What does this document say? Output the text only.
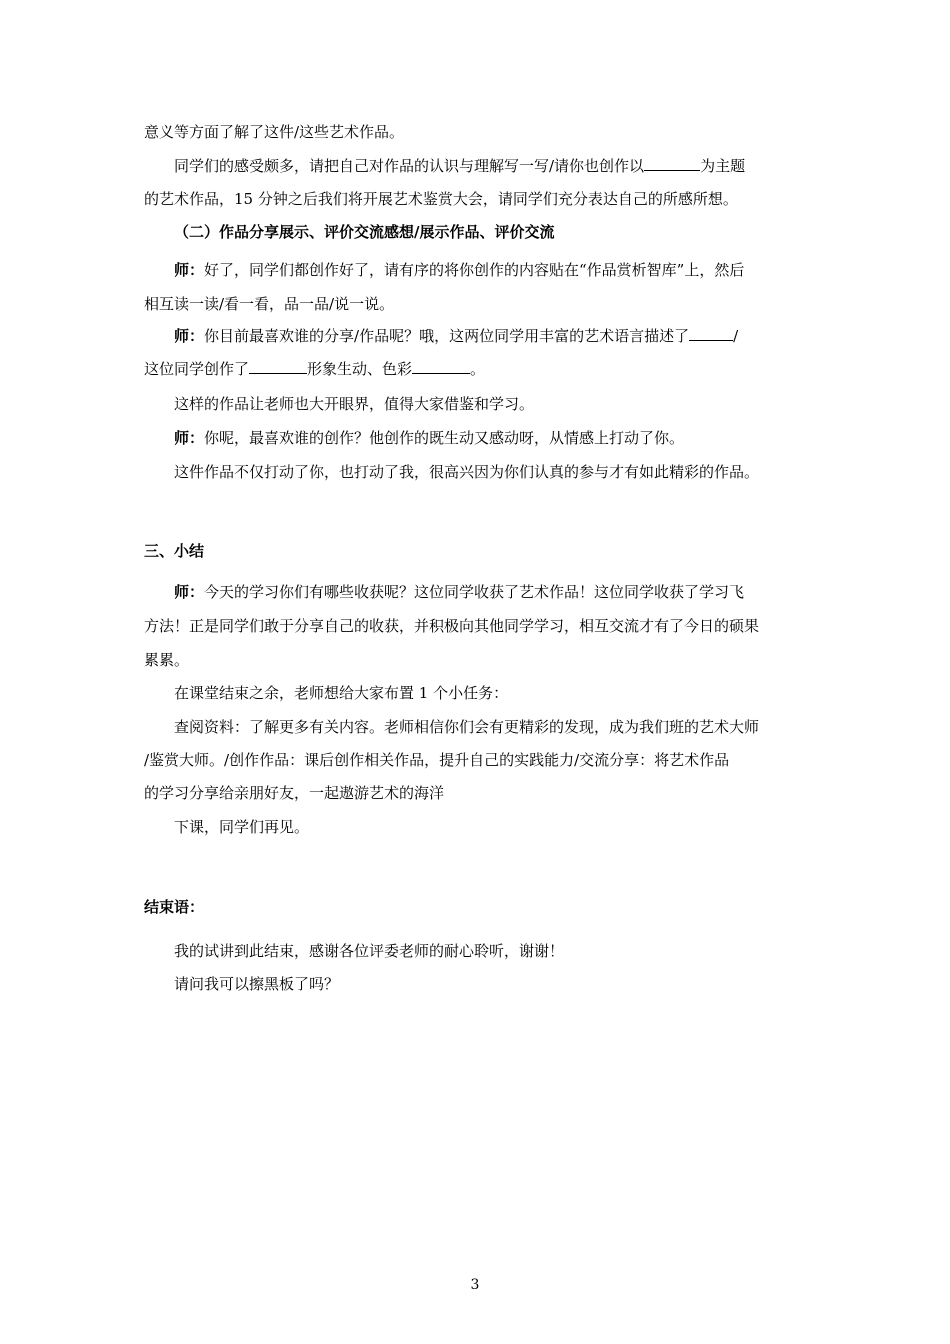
意义等方面了解了这件/这些艺术作品。
同学们的感受颇多，请把自己对作品的认识与理解写一写/请你也创作以	为主题
的艺术作品，15 分钟之后我们将开展艺术鉴赏大会，请同学们充分表达自己的所感所想。
（二）作品分享展示、评价交流感想/展示作品、评价交流
师：好了，同学们都创作好了，请有序的将你创作的内容贴在“作品赏析智库”上，然后
相互读一读/看一看，品一品/说一说。
师：你目前最喜欢谁的分享/作品呢？哦，这两位同学用丰富的艺术语言描述了	/
这位同学创作了	形象生动、色彩	。
这样的作品让老师也大开眼界，值得大家借鉴和学习。
师：你呢，最喜欢谁的创作？他创作的既生动又感动呀，从情感上打动了你。
这件作品不仅打动了你，也打动了我，很高兴因为你们认真的参与才有如此精彩的作品。
三、小结
师：今天的学习你们有哪些收获呢？这位同学收获了艺术作品！这位同学收获了学习飞
方法！正是同学们敢于分享自己的收获，并积极向其他同学学习，相互交流才有了今日的硕果
累累。
在课堂结束之余，老师想给大家布置 1 个小任务：
查阅资料：了解更多有关内容。老师相信你们会有更精彩的发现，成为我们班的艺术大师
/鉴赏大师。/创作作品：课后创作相关作品，提升自己的实践能力/交流分享：将艺术作品
的学习分享给亲朋好友，一起遨游艺术的海洋
下课，同学们再见。
结束语：
我的试讲到此结束，感谢各位评委老师的耐心聆听，谢谢！
请问我可以擦黑板了吗？
3
